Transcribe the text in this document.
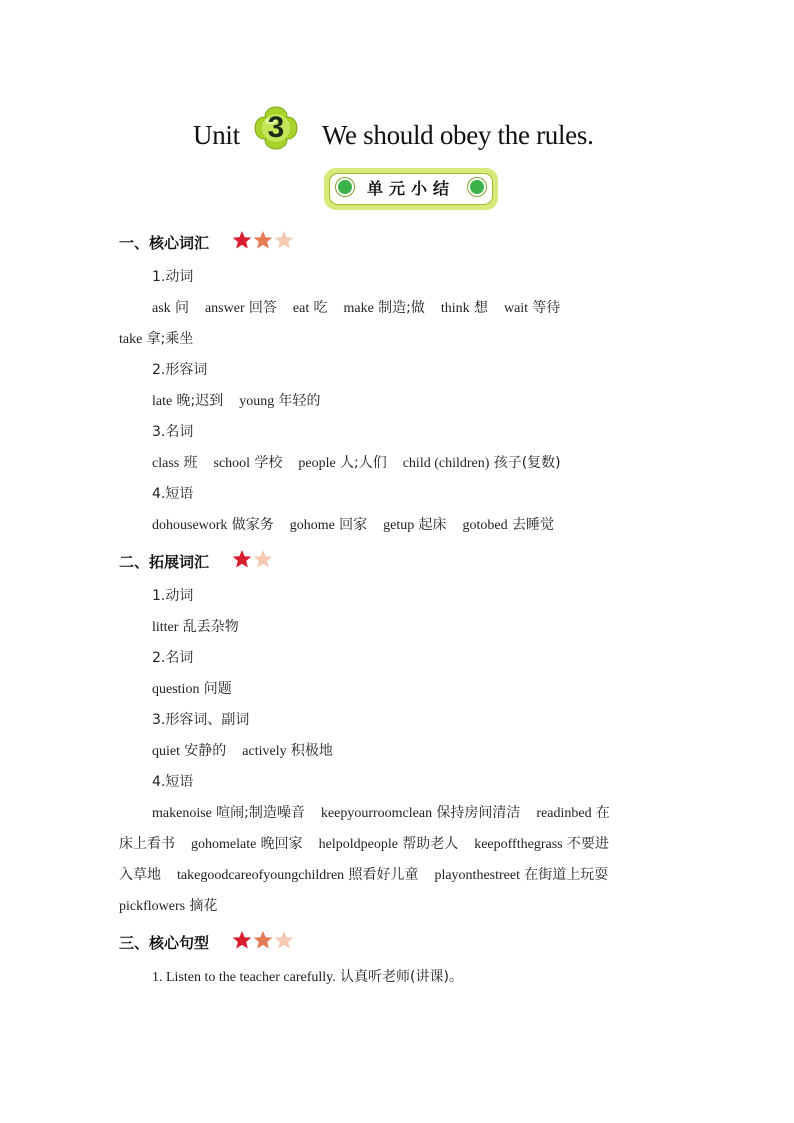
Unit 3	We should obey the rules.
单元小结
一、核心词汇
1.动词
ask 问 answer 回答 eat 吃 make 制造;做 think 想 wait 等待
take 拿;乘坐
2.形容词
late 晚;迟到 young 年轻的
3.名词
class 班 school 学校 people 人;人们 child (children) 孩子(复数)
4.短语
dohousework 做家务 gohome 回家 getup 起床 gotobed 去睡觉
二、拓展词汇
1.动词
litter 乱丢杂物
2.名词
question 问题
3.形容词、副词
quiet 安静的 actively 积极地
4.短语
makenoise 喧闹;制造噪音 keepyourroomclean 保持房间清洁 readinbed 在
床上看书 gohomelate 晚回家 helpoldpeople 帮助老人 keepoffthegrass 不要进
入草地 takegoodcareofyoungchildren 照看好儿童 playonthestreet 在街道上玩耍
pickflowers 摘花
三、核心句型
1. Listen to the teacher carefully. 认真听老师(讲课)。
